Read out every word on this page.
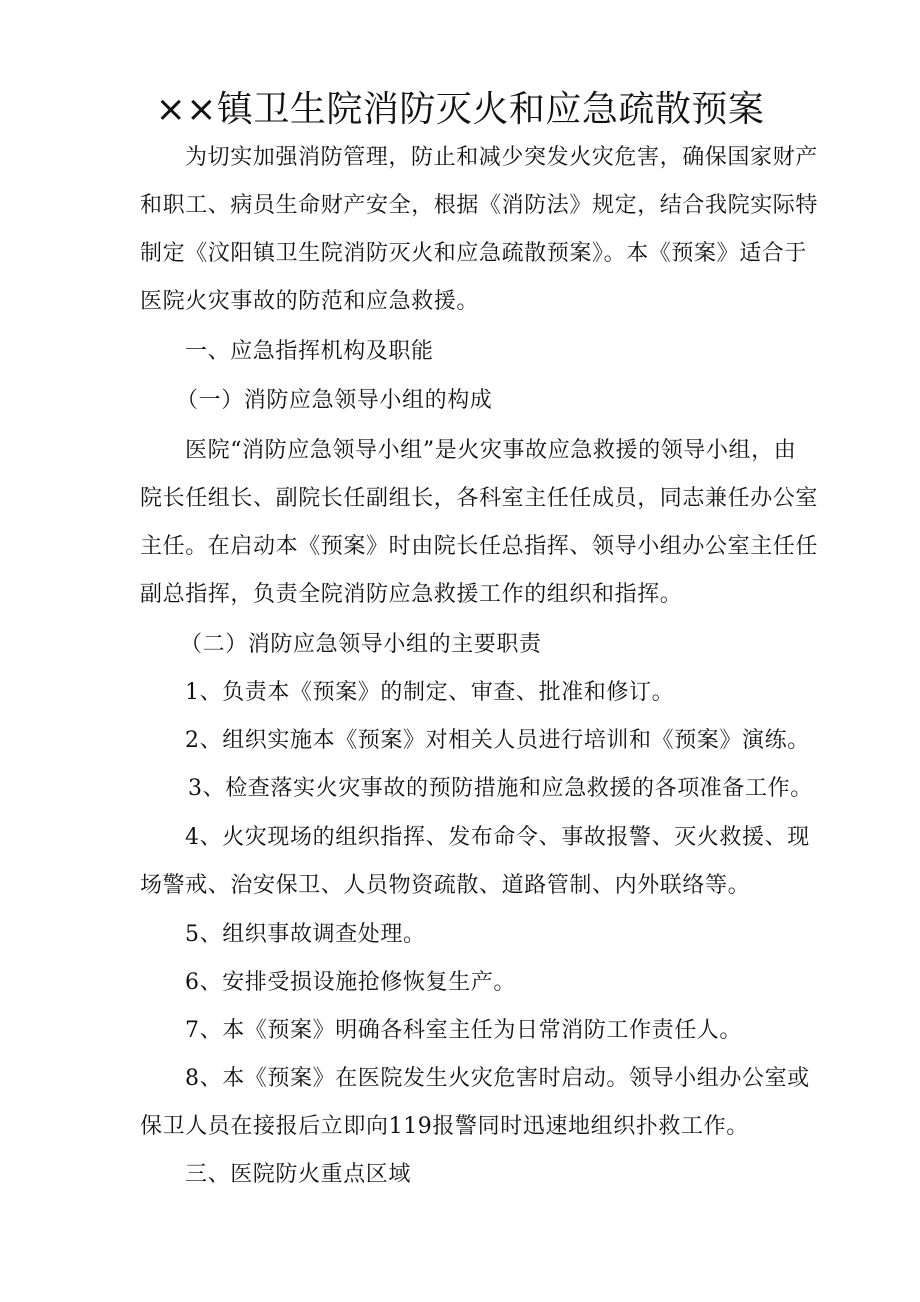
××镇卫生院消防灭火和应急疏散预案

为切实加强消防管理，防止和减少突发火灾危害，确保国家财产

和职工、病员生命财产安全，根据《消防法》规定，结合我院实际特

制定《汶阳镇卫生院消防灭火和应急疏散预案》。本《预案》适合于

医院火灾事故的防范和应急救援。

一、应急指挥机构及职能

（一）消防应急领导小组的构成

医院“消防应急领导小组”是火灾事故应急救援的领导小组，由

院长任组长、副院长任副组长，各科室主任任成员，同志兼任办公室

主任。在启动本《预案》时由院长任总指挥、领导小组办公室主任任

副总指挥，负责全院消防应急救援工作的组织和指挥。

（二）消防应急领导小组的主要职责

1、负责本《预案》的制定、审查、批准和修订。

2、组织实施本《预案》对相关人员进行培训和《预案》演练。

3、检查落实火灾事故的预防措施和应急救援的各项准备工作。

4、火灾现场的组织指挥、发布命令、事故报警、灭火救援、现

场警戒、治安保卫、人员物资疏散、道路管制、内外联络等。

5、组织事故调查处理。

6、安排受损设施抢修恢复生产。

7、本《预案》明确各科室主任为日常消防工作责任人。

8、本《预案》在医院发生火灾危害时启动。领导小组办公室或

保卫人员在接报后立即向119报警同时迅速地组织扑救工作。

三、医院防火重点区域
